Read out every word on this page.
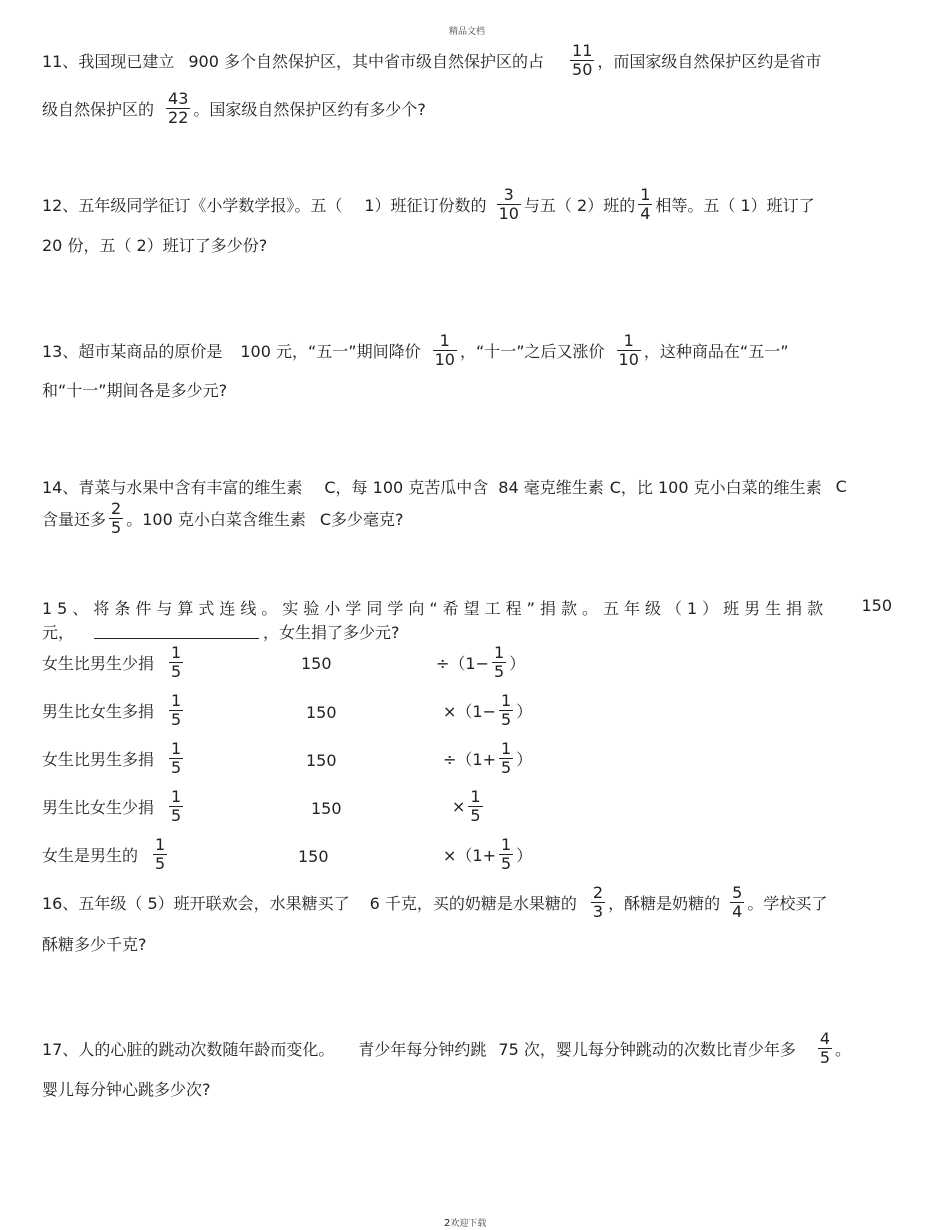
精品文档
11、我国现已建立 900 多个自然保护区，其中省市级自然保护区的占 $\frac{11}{50}$ ，而国家级自然保护区约是省市
级自然保护区的 $\frac{43}{22}$ 。国家级自然保护区约有多少个?
12、五年级同学征订《小学数学报》。五（ 1）班征订份数的 $\frac{3}{10}$ 与五（ 2）班的 $\frac{1}{4}$ 相等。五（ 1）班订了
20 份，五（ 2）班订了多少份?
13、超市某商品的原价是 100 元，“五一”期间降价 $\frac{1}{10}$ ，“十一”之后又涨价 $\frac{1}{10}$ ，这种商品在“五一”
和“十一”期间各是多少元?
14、青菜与水果中含有丰富的维生素 C，每 100 克苦瓜中含 84 毫克维生素 C，比 100 克小白菜的维生素 C
含量还多 $\frac{2}{5}$ 。100 克小白菜含维生素 C多少毫克?
15、将条件与算式连线。实验小学同学向“希望工程”捐款。五年级（1）班男生捐款 150
元，	，女生捐了多少元?
女生比男生少捐 $\frac{1}{5}$	150	$\div(1- \frac{1}{5}$ ）
男生比女生多捐 $\frac{1}{5}$	150	$\times(1- \frac{1}{5}$ ）
女生比男生多捐 $\frac{1}{5}$	150	$\div(1+ \frac{1}{5}$ ）
男生比女生少捐 $\frac{1}{5}$	150	× $\frac{1}{5}$
女生是男生的 $\frac{1}{5}$	150	$\times(1+ \frac{1}{5}$ ）
16、五年级（ 5）班开联欢会，水果糖买了 6 千克，买的奶糖是水果糖的 $\frac{2}{3}$ ，酥糖是奶糖的 $\frac{5}{4}$ 。学校买了
酥糖多少千克?
17、人的心脏的跳动次数随年龄而变化。 青少年每分钟约跳 75 次，婴儿每分钟跳动的次数比青少年多 $\frac{4}{5}$ 。
婴儿每分钟心跳多少次?
2欢迎下载
